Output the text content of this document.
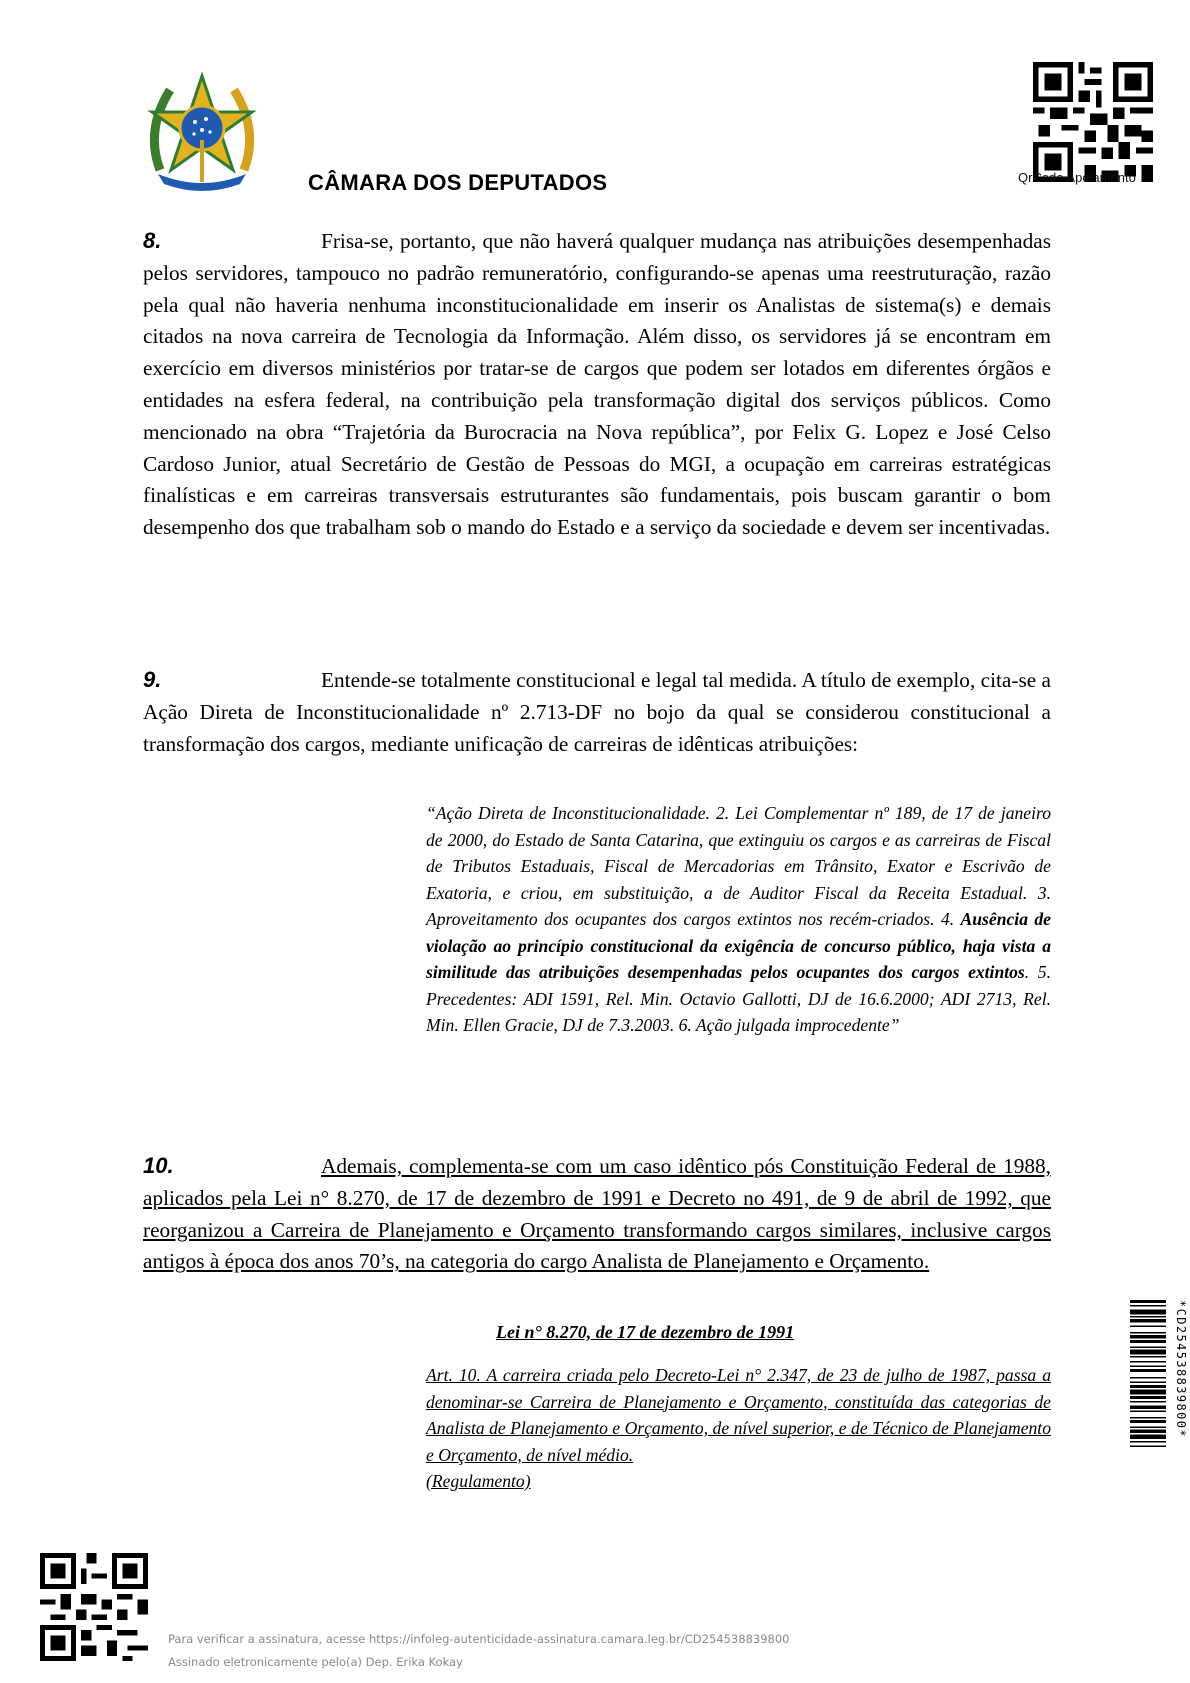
CÂMARA DOS DEPUTADOS	QrCode Apoiamento
8.	Frisa-se, portanto, que não haverá qualquer mudança nas atribuições desempenhadas pelos servidores, tampouco no padrão remuneratório, configurando-se apenas uma reestruturação, razão pela qual não haveria nenhuma inconstitucionalidade em inserir os Analistas de sistema(s) e demais citados na nova carreira de Tecnologia da Informação. Além disso, os servidores já se encontram em exercício em diversos ministérios por tratar-se de cargos que podem ser lotados em diferentes órgãos e entidades na esfera federal, na contribuição pela transformação digital dos serviços públicos. Como mencionado na obra “Trajetória da Burocracia na Nova república”, por Felix G. Lopez e José Celso Cardoso Junior, atual Secretário de Gestão de Pessoas do MGI, a ocupação em carreiras estratégicas finalísticas e em carreiras transversais estruturantes são fundamentais, pois buscam garantir o bom desempenho dos que trabalham sob o mando do Estado e a serviço da sociedade e devem ser incentivadas.
9.	Entende-se totalmente constitucional e legal tal medida. A título de exemplo, cita-se a Ação Direta de Inconstitucionalidade nº 2.713-DF no bojo da qual se considerou constitucional a transformação dos cargos, mediante unificação de carreiras de idênticas atribuições:
“Ação Direta de Inconstitucionalidade. 2. Lei Complementar nº 189, de 17 de janeiro de 2000, do Estado de Santa Catarina, que extinguiu os cargos e as carreiras de Fiscal de Tributos Estaduais, Fiscal de Mercadorias em Trânsito, Exator e Escrivão de Exatoria, e criou, em substituição, a de Auditor Fiscal da Receita Estadual. 3. Aproveitamento dos ocupantes dos cargos extintos nos recém-criados. 4. Ausência de violação ao princípio constitucional da exigência de concurso público, haja vista a similitude das atribuições desempenhadas pelos ocupantes dos cargos extintos. 5. Precedentes: ADI 1591, Rel. Min. Octavio Gallotti, DJ de 16.6.2000; ADI 2713, Rel. Min. Ellen Gracie, DJ de 7.3.2003. 6. Ação julgada improcedente”
10.	Ademais, complementa-se com um caso idêntico pós Constituição Federal de 1988, aplicados pela Lei n° 8.270, de 17 de dezembro de 1991 e Decreto no 491, de 9 de abril de 1992, que reorganizou a Carreira de Planejamento e Orçamento transformando cargos similares, inclusive cargos antigos à época dos anos 70’s, na categoria do cargo Analista de Planejamento e Orçamento.
Lei n° 8.270, de 17 de dezembro de 1991
Art. 10. A carreira criada pelo Decreto-Lei n° 2.347, de 23 de julho de 1987, passa a denominar-se Carreira de Planejamento e Orçamento, constituída das categorias de Analista de Planejamento e Orçamento, de nível superior, e de Técnico de Planejamento e Orçamento, de nível médio.
(Regulamento)
*CD254538839800*
Para verificar a assinatura, acesse https://infoleg-autenticidade-assinatura.camara.leg.br/CD254538839800
Assinado eletronicamente pelo(a) Dep. Erika Kokay
